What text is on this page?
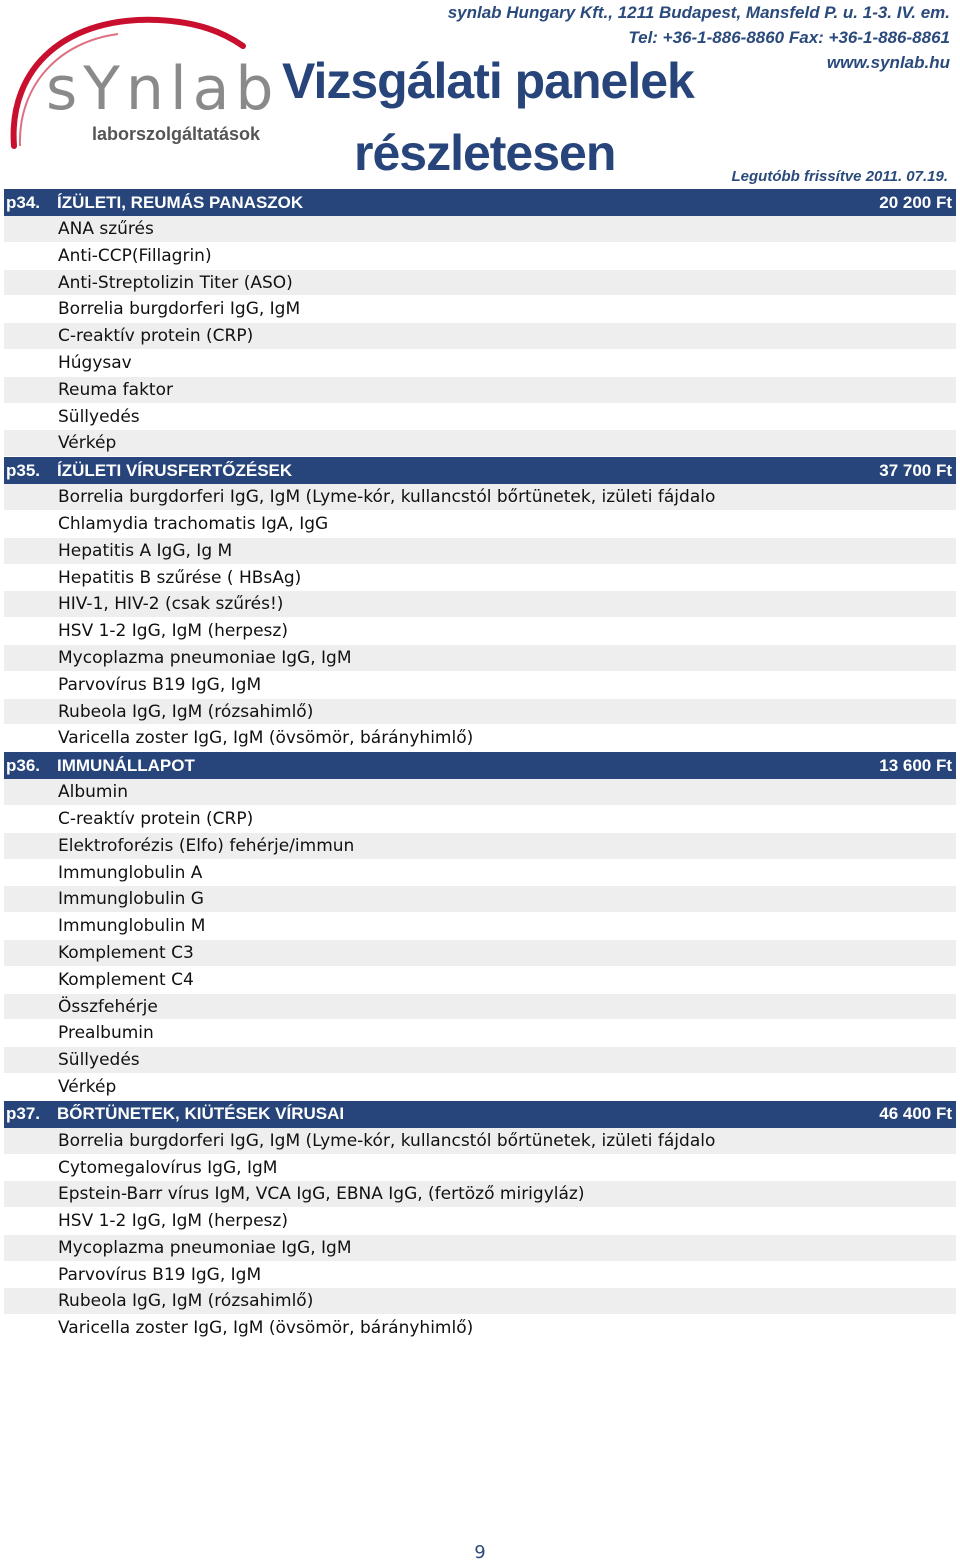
sYnlab
laborszolgáltatások
Vizsgálati panelek
részletesen
synlab Hungary Kft., 1211 Budapest, Mansfeld P. u. 1-3. IV. em.
Tel: +36-1-886-8860 Fax: +36-1-886-8861
www.synlab.hu
Legutóbb frissítve 2011. 07.19.
p34. ÍZÜLETI, REUMÁS PANASZOK	20 200 Ft
ANA szűrés
Anti-CCP(Fillagrin)
Anti-Streptolizin Titer (ASO)
Borrelia burgdorferi IgG, IgM
C-reaktív protein (CRP)
Húgysav
Reuma faktor
Süllyedés
Vérkép
p35. ÍZÜLETI VÍRUSFERTŐZÉSEK	37 700 Ft
Borrelia burgdorferi IgG, IgM (Lyme-kór, kullancstól bőrtünetek, izületi fájdalo
Chlamydia trachomatis IgA, IgG
Hepatitis A IgG, Ig M
Hepatitis B szűrése ( HBsAg)
HIV-1, HIV-2 (csak szűrés!)
HSV 1-2 IgG, IgM (herpesz)
Mycoplazma pneumoniae IgG, IgM
Parvovírus B19 IgG, IgM
Rubeola IgG, IgM (rózsahimlő)
Varicella zoster IgG, IgM (övsömör, bárányhimlő)
p36. IMMUNÁLLAPOT	13 600 Ft
Albumin
C-reaktív protein (CRP)
Elektroforézis (Elfo) fehérje/immun
Immunglobulin A
Immunglobulin G
Immunglobulin M
Komplement C3
Komplement C4
Összfehérje
Prealbumin
Süllyedés
Vérkép
p37. BŐRTÜNETEK, KIÜTÉSEK VÍRUSAI	46 400 Ft
Borrelia burgdorferi IgG, IgM (Lyme-kór, kullancstól bőrtünetek, izületi fájdalo
Cytomegalovírus IgG, IgM
Epstein-Barr vírus IgM, VCA IgG, EBNA IgG, (fertöző mirigyláz)
HSV 1-2 IgG, IgM (herpesz)
Mycoplazma pneumoniae IgG, IgM
Parvovírus B19 IgG, IgM
Rubeola IgG, IgM (rózsahimlő)
Varicella zoster IgG, IgM (övsömör, bárányhimlő)
9
